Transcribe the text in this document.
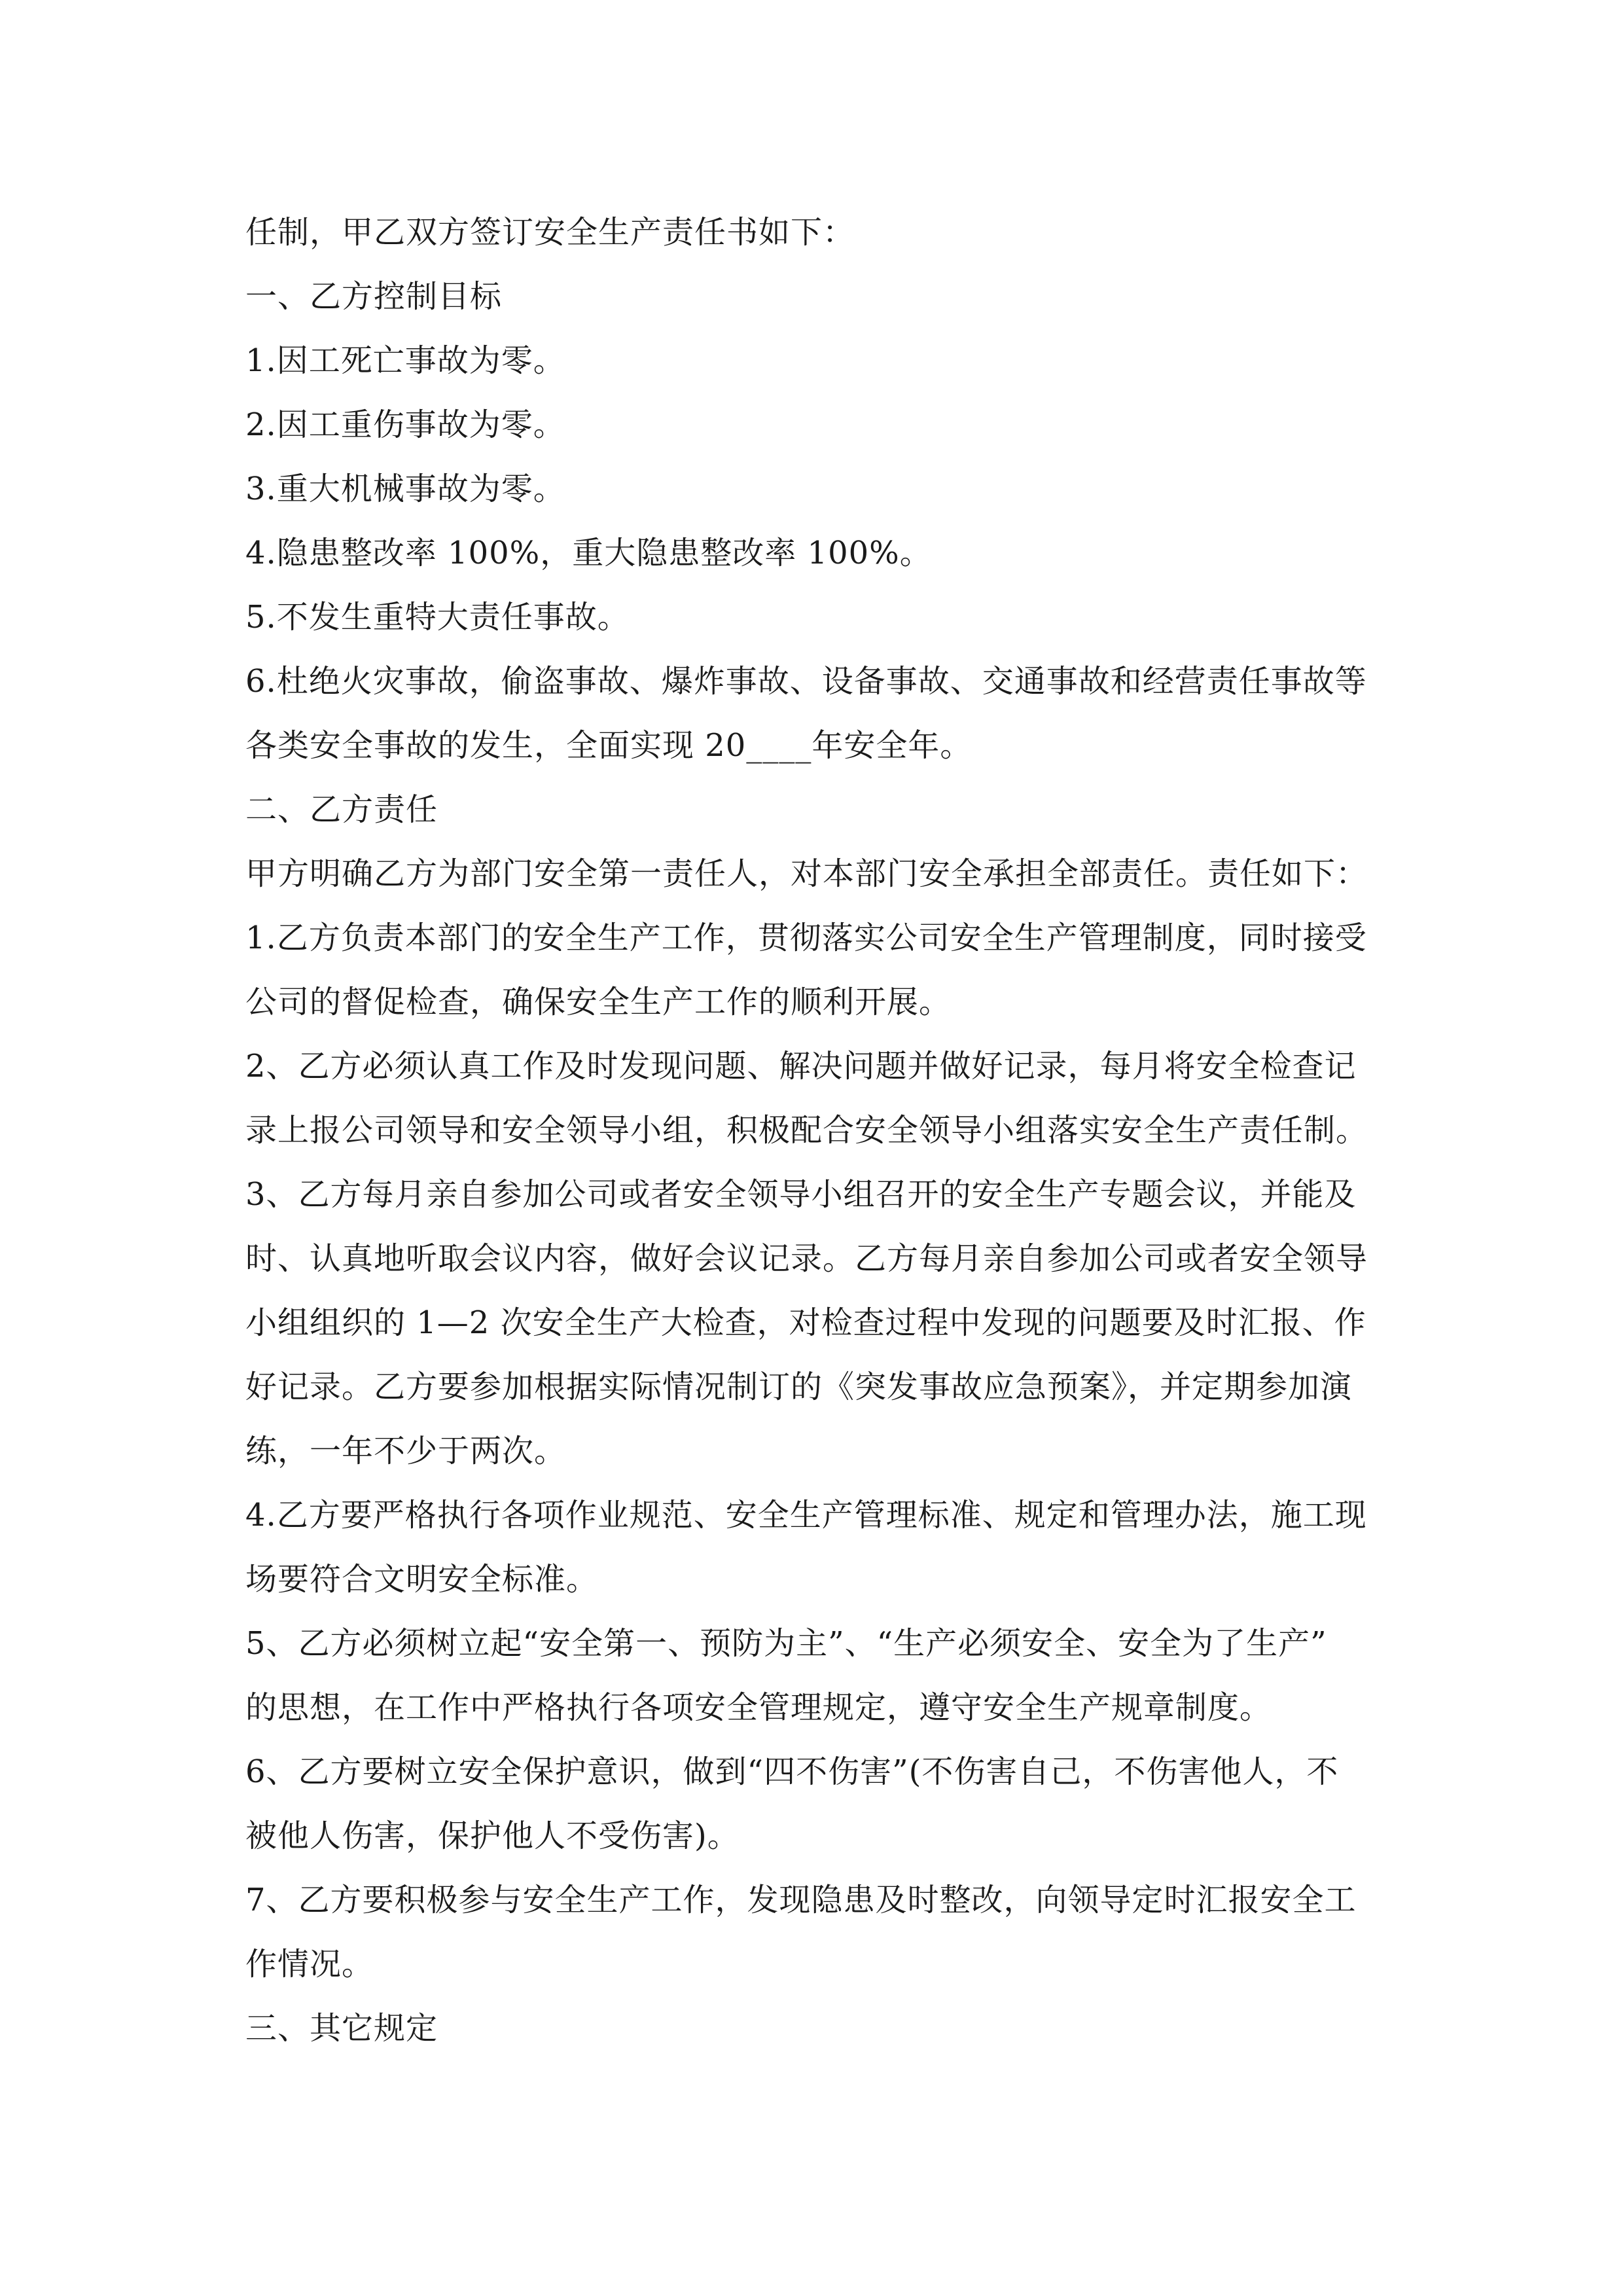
任制，甲乙双方签订安全生产责任书如下：
一、乙方控制目标
1.因工死亡事故为零。
2.因工重伤事故为零。
3.重大机械事故为零。
4.隐患整改率 100%，重大隐患整改率 100%。
5.不发生重特大责任事故。
6.杜绝火灾事故，偷盗事故、爆炸事故、设备事故、交通事故和经营责任事故等
各类安全事故的发生，全面实现 20____年安全年。
二、乙方责任
甲方明确乙方为部门安全第一责任人，对本部门安全承担全部责任。责任如下：
1.乙方负责本部门的安全生产工作，贯彻落实公司安全生产管理制度，同时接受
公司的督促检查，确保安全生产工作的顺利开展。
2、乙方必须认真工作及时发现问题、解决问题并做好记录，每月将安全检查记
录上报公司领导和安全领导小组，积极配合安全领导小组落实安全生产责任制。
3、乙方每月亲自参加公司或者安全领导小组召开的安全生产专题会议，并能及
时、认真地听取会议内容，做好会议记录。乙方每月亲自参加公司或者安全领导
小组组织的 1—2 次安全生产大检查，对检查过程中发现的问题要及时汇报、作
好记录。乙方要参加根据实际情况制订的《突发事故应急预案》，并定期参加演
练，一年不少于两次。
4.乙方要严格执行各项作业规范、安全生产管理标准、规定和管理办法，施工现
场要符合文明安全标准。
5、乙方必须树立起“安全第一、预防为主”、“生产必须安全、安全为了生产”
的思想，在工作中严格执行各项安全管理规定，遵守安全生产规章制度。
6、乙方要树立安全保护意识，做到“四不伤害”(不伤害自己，不伤害他人，不
被他人伤害，保护他人不受伤害)。
7、乙方要积极参与安全生产工作，发现隐患及时整改，向领导定时汇报安全工
作情况。
三、其它规定
